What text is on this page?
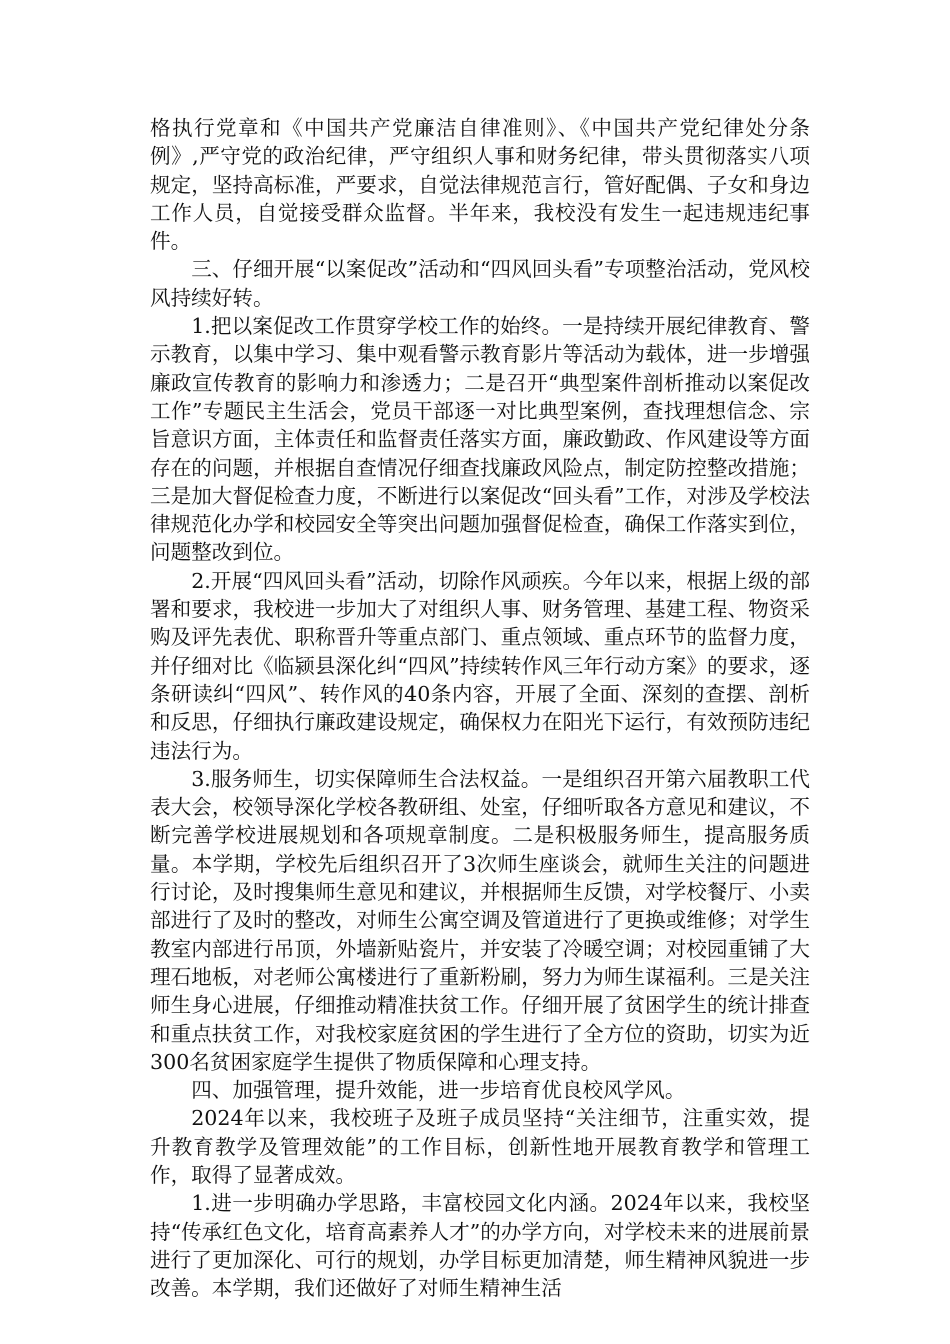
格执行党章和《中国共产党廉洁自律准则》、《中国共产党纪律处分条例》,严守党的政治纪律，严守组织人事和财务纪律，带头贯彻落实八项规定，坚持高标准，严要求，自觉法律规范言行，管好配偶、子女和身边工作人员，自觉接受群众监督。半年来，我校没有发生一起违规违纪事件。

三、仔细开展“以案促改”活动和“四风回头看”专项整治活动，党风校风持续好转。

1.把以案促改工作贯穿学校工作的始终。一是持续开展纪律教育、警示教育，以集中学习、集中观看警示教育影片等活动为载体，进一步增强廉政宣传教育的影响力和渗透力；二是召开“典型案件剖析推动以案促改工作”专题民主生活会，党员干部逐一对比典型案例，查找理想信念、宗旨意识方面，主体责任和监督责任落实方面，廉政勤政、作风建设等方面存在的问题，并根据自查情况仔细查找廉政风险点，制定防控整改措施；三是加大督促检查力度，不断进行以案促改“回头看”工作，对涉及学校法律规范化办学和校园安全等突出问题加强督促检查，确保工作落实到位，问题整改到位。

2.开展“四风回头看”活动，切除作风顽疾。今年以来，根据上级的部署和要求，我校进一步加大了对组织人事、财务管理、基建工程、物资采购及评先表优、职称晋升等重点部门、重点领域、重点环节的监督力度，并仔细对比《临颍县深化纠“四风”持续转作风三年行动方案》的要求，逐条研读纠“四风”、转作风的40条内容，开展了全面、深刻的查摆、剖析和反思，仔细执行廉政建设规定，确保权力在阳光下运行，有效预防违纪违法行为。

3.服务师生，切实保障师生合法权益。一是组织召开第六届教职工代表大会，校领导深化学校各教研组、处室，仔细听取各方意见和建议，不断完善学校进展规划和各项规章制度。二是积极服务师生，提高服务质量。本学期，学校先后组织召开了3次师生座谈会，就师生关注的问题进行讨论，及时搜集师生意见和建议，并根据师生反馈，对学校餐厅、小卖部进行了及时的整改，对师生公寓空调及管道进行了更换或维修；对学生教室内部进行吊顶，外墙新贴瓷片，并安装了冷暖空调；对校园重铺了大理石地板，对老师公寓楼进行了重新粉刷，努力为师生谋福利。三是关注师生身心进展，仔细推动精准扶贫工作。仔细开展了贫困学生的统计排查和重点扶贫工作，对我校家庭贫困的学生进行了全方位的资助，切实为近300名贫困家庭学生提供了物质保障和心理支持。

四、加强管理，提升效能，进一步培育优良校风学风。

2024年以来，我校班子及班子成员坚持“关注细节，注重实效，提升教育教学及管理效能”的工作目标，创新性地开展教育教学和管理工作，取得了显著成效。

1.进一步明确办学思路，丰富校园文化内涵。2024年以来，我校坚持“传承红色文化，培育高素养人才”的办学方向，对学校未来的进展前景进行了更加深化、可行的规划，办学目标更加清楚，师生精神风貌进一步改善。本学期，我们还做好了对师生精神生活
